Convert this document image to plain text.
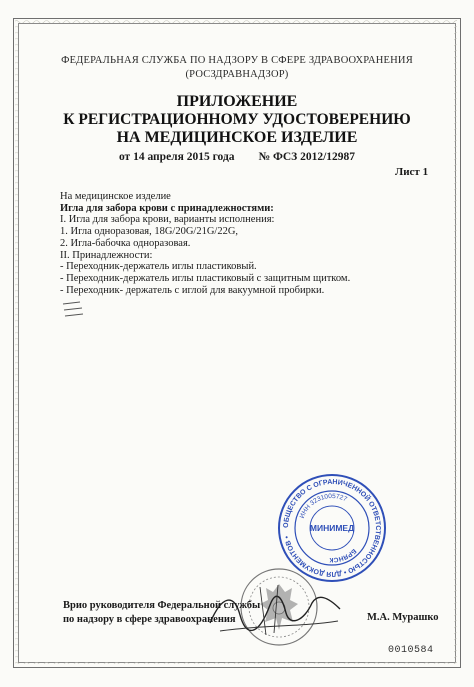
ФЕДЕРАЛЬНАЯ СЛУЖБА ПО НАДЗОРУ В СФЕРЕ ЗДРАВООХРАНЕНИЯ
(РОСЗДРАВНАДЗОР)
ПРИЛОЖЕНИЕ
К РЕГИСТРАЦИОННОМУ УДОСТОВЕРЕНИЮ
НА МЕДИЦИНСКОЕ ИЗДЕЛИЕ
от 14 апреля 2015 года № ФСЗ 2012/12987
Лист 1
На медицинское изделие
Игла для забора крови с принадлежностями:
I. Игла для забора крови, варианты исполнения:
1. Игла одноразовая, 18G/20G/21G/22G,
2. Игла-бабочка одноразовая.
II. Принадлежности:
- Переходник-держатель иглы пластиковый.
- Переходник-держатель иглы пластиковый с защитным щитком.
- Переходник- держатель с иглой для вакуумной пробирки.
ОБЩЕСТВО С ОГРАНИЧЕННОЙ ОТВЕТСТВЕННОСТЬЮ • ДЛЯ ДОКУМЕНТОВ •
ИНН 3231005727
БРЯНСК
МИНИМЕД
Врио руководителя Федеральной службы
по надзору в сфере здравоохранения	М.А. Мурашко
0010584
